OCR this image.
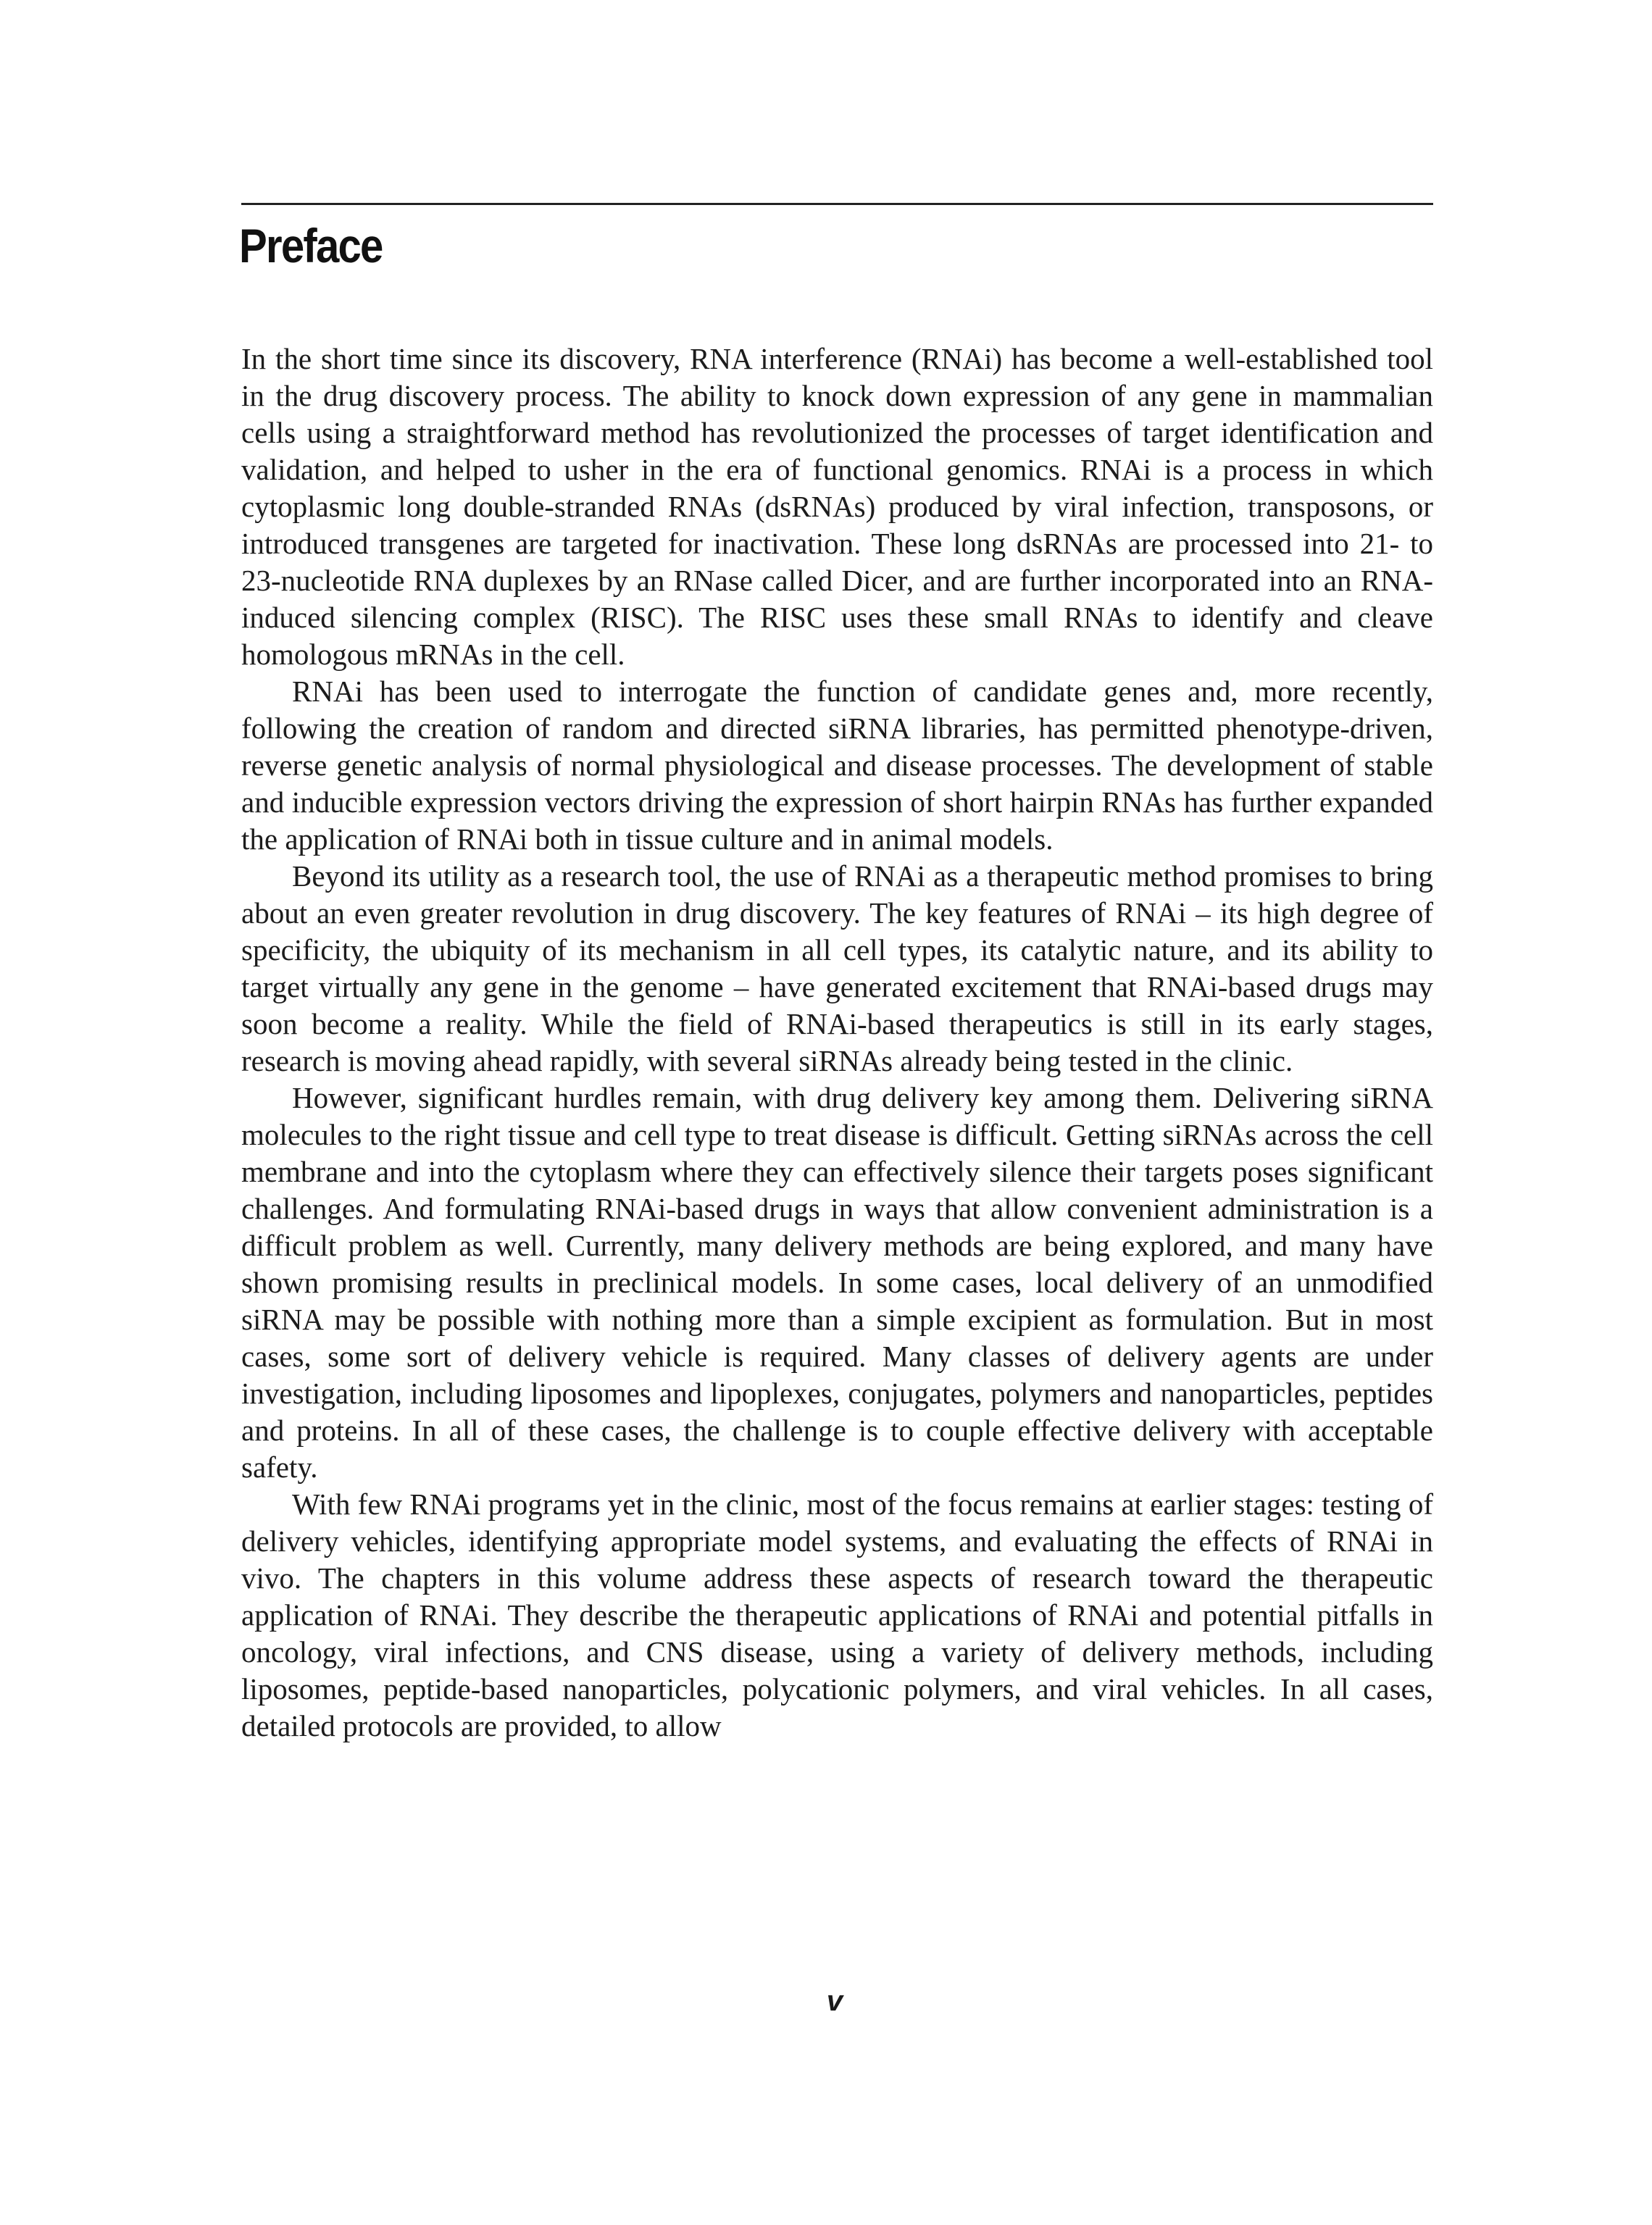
Preface

In the short time since its discovery, RNA interference (RNAi) has become a well-established tool in the drug discovery process. The ability to knock down expression of any gene in mammalian cells using a straightforward method has revolutionized the processes of target identification and validation, and helped to usher in the era of functional genomics. RNAi is a process in which cytoplasmic long double-stranded RNAs (dsRNAs) produced by viral infection, transposons, or introduced transgenes are targeted for inactivation. These long dsRNAs are processed into 21- to 23-nucleotide RNA duplexes by an RNase called Dicer, and are further incorporated into an RNA-induced silencing complex (RISC). The RISC uses these small RNAs to identify and cleave homologous mRNAs in the cell.

RNAi has been used to interrogate the function of candidate genes and, more recently, following the creation of random and directed siRNA libraries, has permitted phenotype-driven, reverse genetic analysis of normal physiological and disease processes. The development of stable and inducible expression vectors driving the expression of short hairpin RNAs has further expanded the application of RNAi both in tissue culture and in animal models.

Beyond its utility as a research tool, the use of RNAi as a therapeutic method promises to bring about an even greater revolution in drug discovery. The key features of RNAi – its high degree of specificity, the ubiquity of its mechanism in all cell types, its catalytic nature, and its ability to target virtually any gene in the genome – have generated excitement that RNAi-based drugs may soon become a reality. While the field of RNAi-based therapeutics is still in its early stages, research is moving ahead rapidly, with several siRNAs already being tested in the clinic.

However, significant hurdles remain, with drug delivery key among them. Delivering siRNA molecules to the right tissue and cell type to treat disease is difficult. Getting siRNAs across the cell membrane and into the cytoplasm where they can effectively silence their targets poses significant challenges. And formulating RNAi-based drugs in ways that allow convenient administration is a difficult problem as well. Currently, many delivery methods are being explored, and many have shown promising results in preclinical models. In some cases, local delivery of an unmodified siRNA may be possible with nothing more than a simple excipient as formulation. But in most cases, some sort of delivery vehicle is required. Many classes of delivery agents are under investigation, including liposomes and lipoplexes, conjugates, polymers and nanoparticles, peptides and proteins. In all of these cases, the challenge is to couple effective delivery with acceptable safety.

With few RNAi programs yet in the clinic, most of the focus remains at earlier stages: testing of delivery vehicles, identifying appropriate model systems, and evaluating the effects of RNAi in vivo. The chapters in this volume address these aspects of research toward the therapeutic application of RNAi. They describe the therapeutic applications of RNAi and potential pitfalls in oncology, viral infections, and CNS disease, using a variety of delivery methods, including liposomes, peptide-based nanoparticles, polycationic polymers, and viral vehicles. In all cases, detailed protocols are provided, to allow

v
